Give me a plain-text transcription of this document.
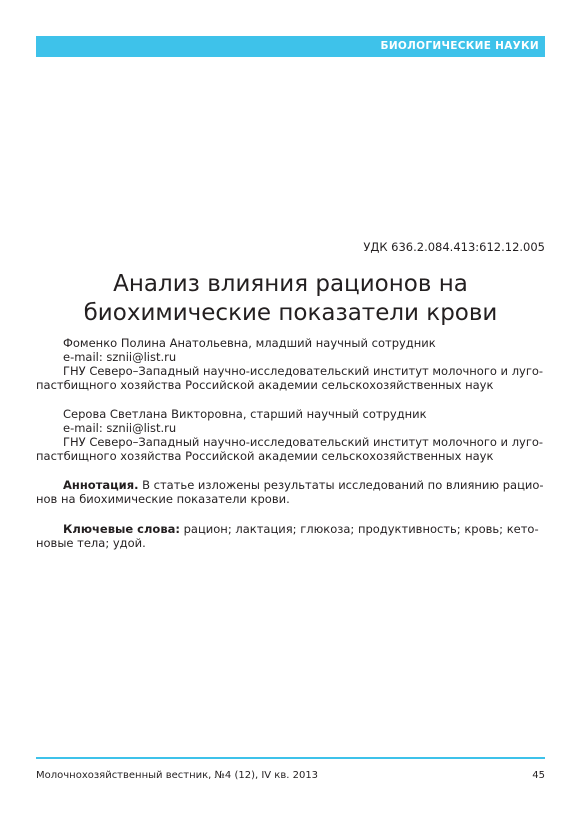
БИОЛОГИЧЕСКИЕ НАУКИ
УДК 636.2.084.413:612.12.005
Анализ влияния рационов на
биохимические показатели крови
Фоменко Полина Анатольевна, младший научный сотрудник
e-mail: sznii@list.ru
ГНУ Северо–Западный научно-исследовательский институт молочного и луго-
пастбищного хозяйства Российской академии сельскохозяйственных наук
Серова Светлана Викторовна, старший научный сотрудник
e-mail: sznii@list.ru
ГНУ Северо–Западный научно-исследовательский институт молочного и луго-
пастбищного хозяйства Российской академии сельскохозяйственных наук
Аннотация. В статье изложены результаты исследований по влиянию рацио-
нов на биохимические показатели крови.
Ключевые слова: рацион; лактация; глюкоза; продуктивность; кровь; кето-
новые тела; удой.
Молочнохозяйственный вестник, №4 (12), IV кв. 2013	45
